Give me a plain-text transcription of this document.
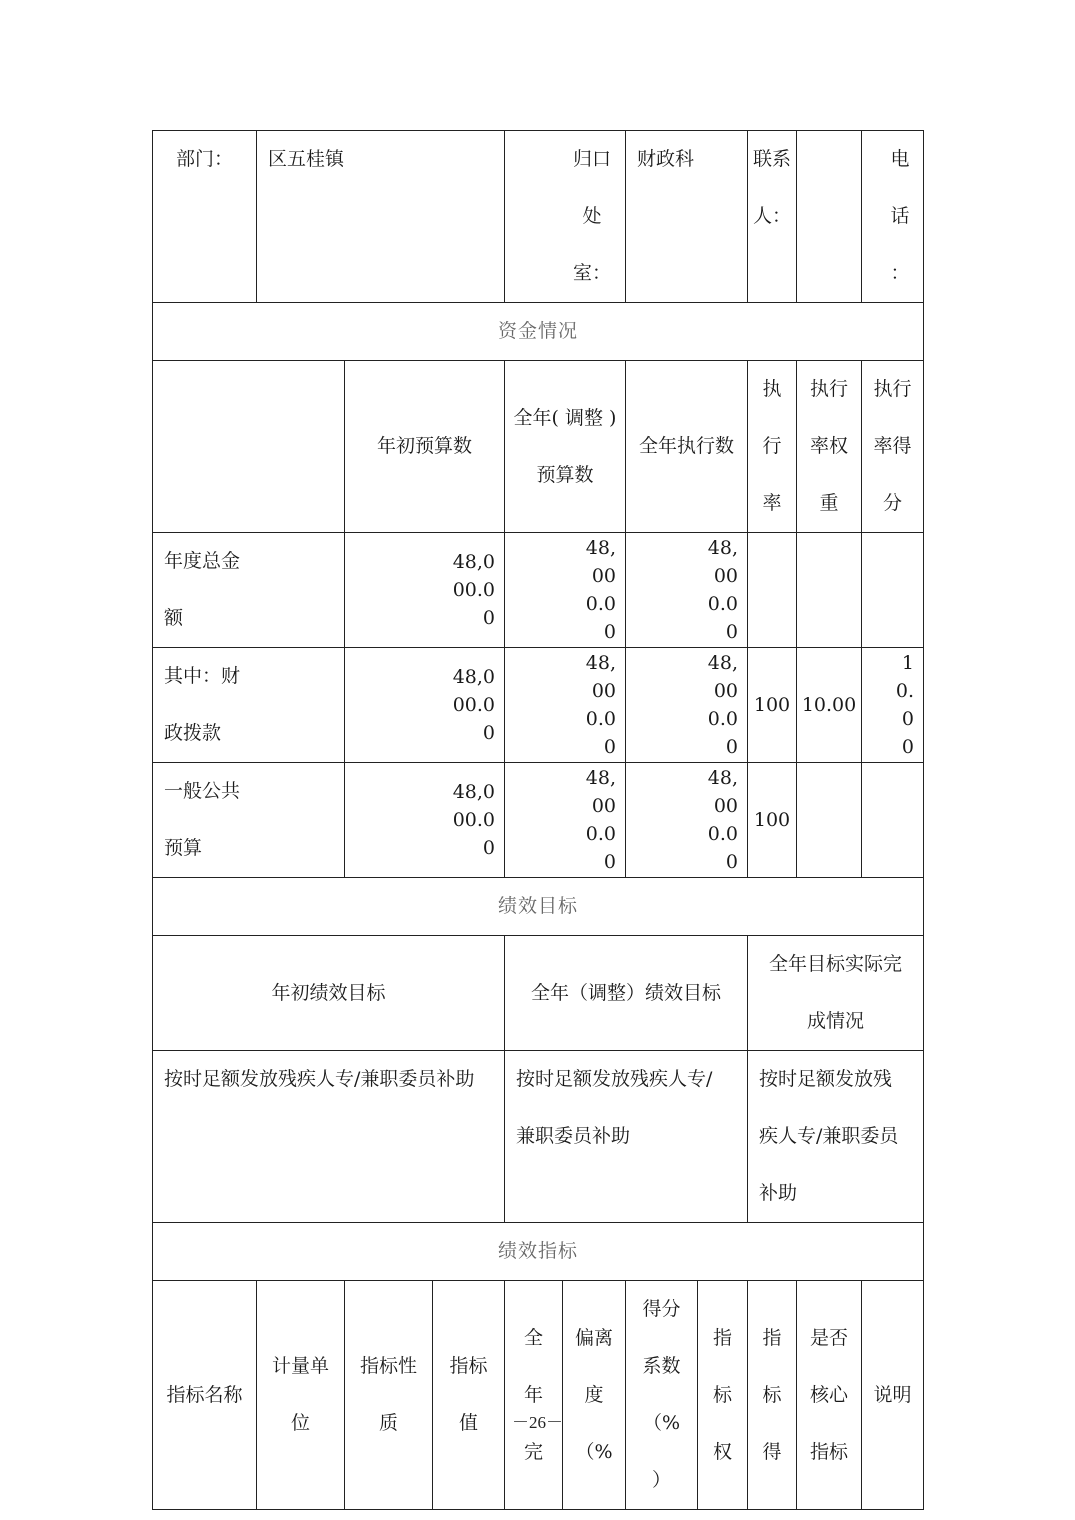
部门：	区五桂镇			归口处室：		财政科		联系人：		电话：

资金情况										
		年初预算数		全年( 调整 ) 预算数		全年执行数		执行率	执行率权重	执行率得分

年度总金额		48,000.00		48,000.00		48,000.00				

其中：财政拨款		48,000.00		48,000.00		48,000.00		100	10.00	10.00

一般公共预算		48,000.00		48,000.00		48,000.00		100		
绩效目标										
年初绩效目标				全年（调整）绩效目标				全年目标实际完成情况		

按时足额发放残疾人专/兼职委员补助				按时足额发放残疾人专/兼职委员补助				按时足额发放残疾人专/兼职委员补助		

绩效指标										
指标名称	计量单位	指标性质	指标值	全年完	偏离度（%	得分系数（%）	指标权	指标得	是否核心指标	说明
－26－
